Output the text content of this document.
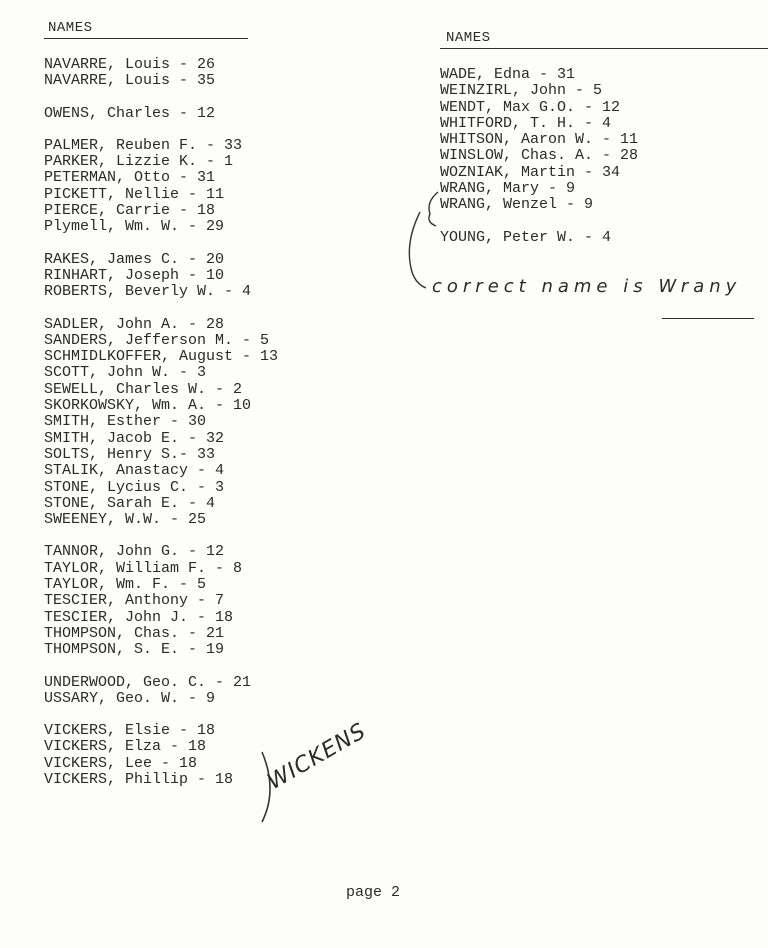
NAMES
NAVARRE, Louis - 26
NAVARRE, Louis - 35
OWENS, Charles - 12
PALMER, Reuben F. - 33
PARKER, Lizzie K. - 1
PETERMAN, Otto - 31
PICKETT, Nellie - 11
PIERCE, Carrie - 18
Plymell, Wm. W. - 29
RAKES, James C. - 20
RINHART, Joseph - 10
ROBERTS, Beverly W. - 4
SADLER, John A. - 28
SANDERS, Jefferson M. - 5
SCHMIDLKOFFER, August - 13
SCOTT, John W. - 3
SEWELL, Charles W. - 2
SKORKOWSKY, Wm. A. - 10
SMITH, Esther - 30
SMITH, Jacob E. - 32
SOLTS, Henry S.- 33
STALIK, Anastacy - 4
STONE, Lycius C. - 3
STONE, Sarah E. - 4
SWEENEY, W.W. - 25
TANNOR, John G. - 12
TAYLOR, William F. - 8
TAYLOR, Wm. F. - 5
TESCIER, Anthony - 7
TESCIER, John J. - 18
THOMPSON, Chas. - 21
THOMPSON, S. E. - 19
UNDERWOOD, Geo. C. - 21
USSARY, Geo. W. - 9
VICKERS, Elsie - 18
VICKERS, Elza - 18
VICKERS, Lee - 18
VICKERS, Phillip - 18
NAMES
WADE, Edna - 31
WEINZIRL, John - 5
WENDT, Max G.O. - 12
WHITFORD, T. H. - 4
WHITSON, Aaron W. - 11
WINSLOW, Chas. A. - 28
WOZNIAK, Martin - 34
WRANG, Mary - 9
WRANG, Wenzel - 9
YOUNG, Peter W. - 4
correct name is Wrany
WICKENS
page 2
